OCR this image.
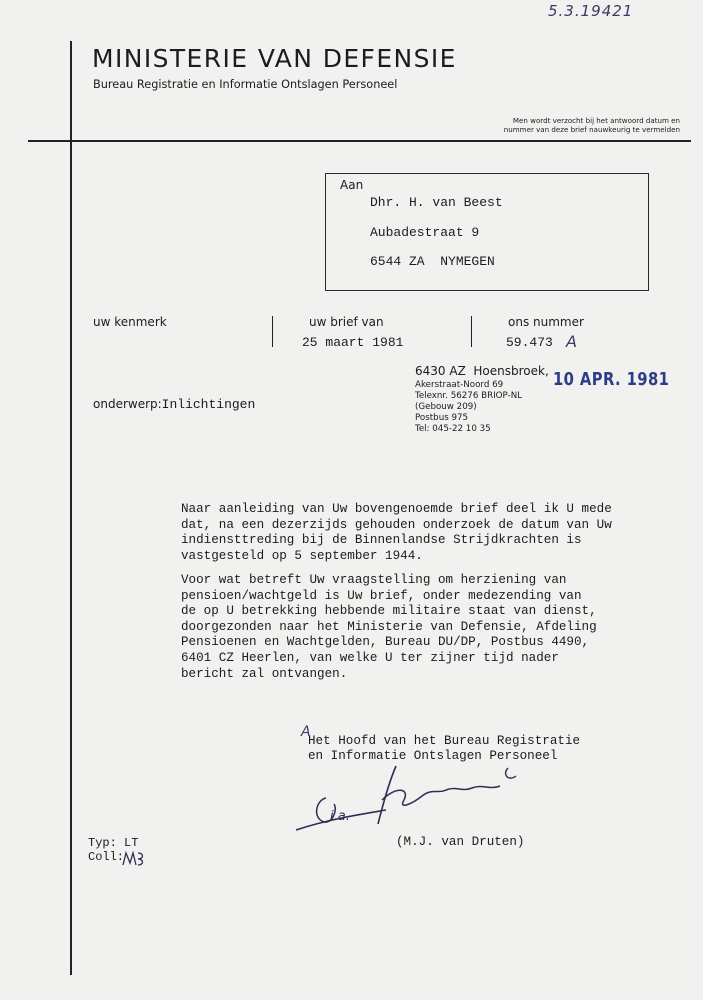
5.3.19421
MINISTERIE VAN DEFENSIE
Bureau Registratie en Informatie Ontslagen Personeel
Men wordt verzocht bij het antwoord datum en
nummer van deze brief nauwkeurig te vermelden
Aan
Dhr. H. van Beest
Aubadestraat 9
6544 ZA  NYMEGEN
uw kenmerk	uw brief van
25 maart 1981
ons nummer
59.473 A
6430 AZ  Hoensbroek,
Akerstraat-Noord 69
Telexnr. 56276 BRIOP-NL
(Gebouw 209)
Postbus 975
Tel: 045-22 10 35
10 APR. 1981
onderwerp:Inlichtingen
Naar aanleiding van Uw bovengenoemde brief deel ik U mede
dat, na een dezerzijds gehouden onderzoek de datum van Uw
indiensttreding bij de Binnenlandse Strijdkrachten is
vastgesteld op 5 september 1944.
Voor wat betreft Uw vraagstelling om herziening van
pensioen/wachtgeld is Uw brief, onder medezending van
de op U betrekking hebbende militaire staat van dienst,
doorgezonden naar het Ministerie van Defensie, Afdeling
Pensioenen en Wachtgelden, Bureau DU/DP, Postbus 4490,
6401 CZ Heerlen, van welke U ter zijner tijd nader
bericht zal ontvangen.
A
Het Hoofd van het Bureau Registratie
en Informatie Ontslagen Personeel
i.a.
(M.J. van Druten)
Typ: LT
Coll:
